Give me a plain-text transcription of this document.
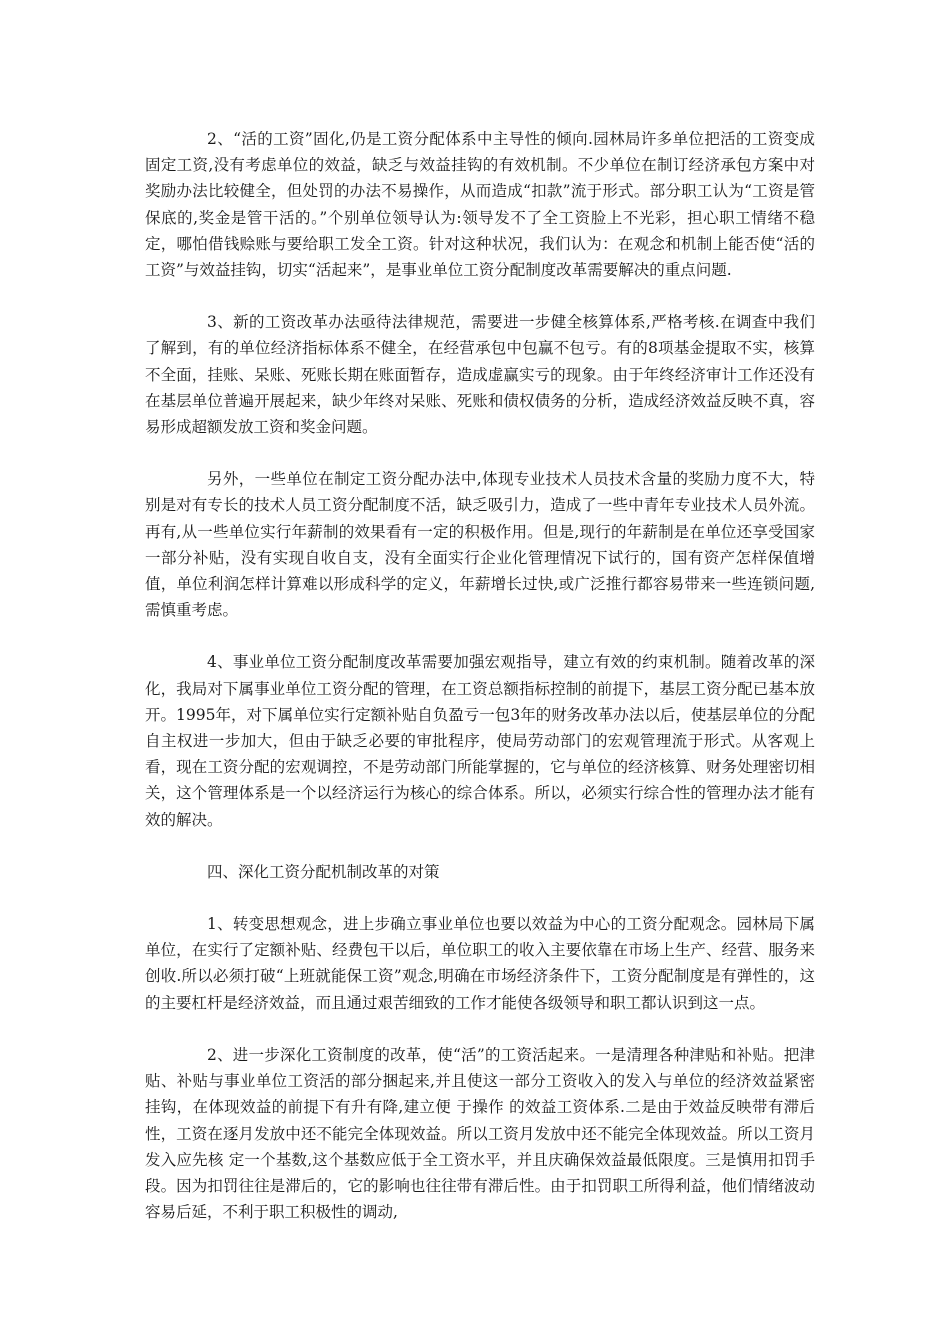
2、“活的工资”固化,仍是工资分配体系中主导性的倾向.园林局许多单位把活的工资变成固定工资,没有考虑单位的效益，缺乏与效益挂钩的有效机制。不少单位在制订经济承包方案中对奖励办法比较健全，但处罚的办法不易操作，从而造成“扣款”流于形式。部分职工认为“工资是管保底的,奖金是管干活的。”个别单位领导认为:领导发不了全工资脸上不光彩，担心职工情绪不稳定，哪怕借钱赊账与要给职工发全工资。针对这种状况，我们认为：在观念和机制上能否使“活的工资”与效益挂钩，切实“活起来”，是事业单位工资分配制度改革需要解决的重点问题.

3、新的工资改革办法亟待法律规范，需要进一步健全核算体系,严格考核.在调查中我们了解到，有的单位经济指标体系不健全，在经营承包中包赢不包亏。有的8项基金提取不实，核算不全面，挂账、呆账、死账长期在账面暂存，造成虚赢实亏的现象。由于年终经济审计工作还没有在基层单位普遍开展起来，缺少年终对呆账、死账和债权债务的分析，造成经济效益反映不真，容易形成超额发放工资和奖金问题。

另外，一些单位在制定工资分配办法中,体现专业技术人员技术含量的奖励力度不大，特别是对有专长的技术人员工资分配制度不活，缺乏吸引力，造成了一些中青年专业技术人员外流。再有,从一些单位实行年薪制的效果看有一定的积极作用。但是,现行的年薪制是在单位还享受国家一部分补贴，没有实现自收自支，没有全面实行企业化管理情况下试行的，国有资产怎样保值增值，单位利润怎样计算难以形成科学的定义，年薪增长过快,或广泛推行都容易带来一些连锁问题,需慎重考虑。

4、事业单位工资分配制度改革需要加强宏观指导，建立有效的约束机制。随着改革的深化，我局对下属事业单位工资分配的管理，在工资总额指标控制的前提下，基层工资分配已基本放开。1995年，对下属单位实行定额补贴自负盈亏一包3年的财务改革办法以后，使基层单位的分配自主权进一步加大，但由于缺乏必要的审批程序，使局劳动部门的宏观管理流于形式。从客观上看，现在工资分配的宏观调控，不是劳动部门所能掌握的，它与单位的经济核算、财务处理密切相关，这个管理体系是一个以经济运行为核心的综合体系。所以，必须实行综合性的管理办法才能有效的解决。

四、深化工资分配机制改革的对策

1、转变思想观念，进上步确立事业单位也要以效益为中心的工资分配观念。园林局下属单位，在实行了定额补贴、经费包干以后，单位职工的收入主要依靠在市场上生产、经营、服务来创收.所以必须打破“上班就能保工资”观念,明确在市场经济条件下，工资分配制度是有弹性的，这的主要杠杆是经济效益，而且通过艰苦细致的工作才能使各级领导和职工都认识到这一点。

2、进一步深化工资制度的改革，使“活”的工资活起来。一是清理各种津贴和补贴。把津贴、补贴与事业单位工资活的部分捆起来,并且使这一部分工资收入的发入与单位的经济效益紧密挂钩，在体现效益的前提下有升有降,建立便 于操作 的效益工资体系.二是由于效益反映带有滞后性，工资在逐月发放中还不能完全体现效益。所以工资月发放中还不能完全体现效益。所以工资月发入应先核 定一个基数,这个基数应低于全工资水平，并且庆确保效益最低限度。三是慎用扣罚手段。因为扣罚往往是滞后的，它的影响也往往带有滞后性。由于扣罚职工所得利益，他们情绪波动容易后延，不利于职工积极性的调动,
